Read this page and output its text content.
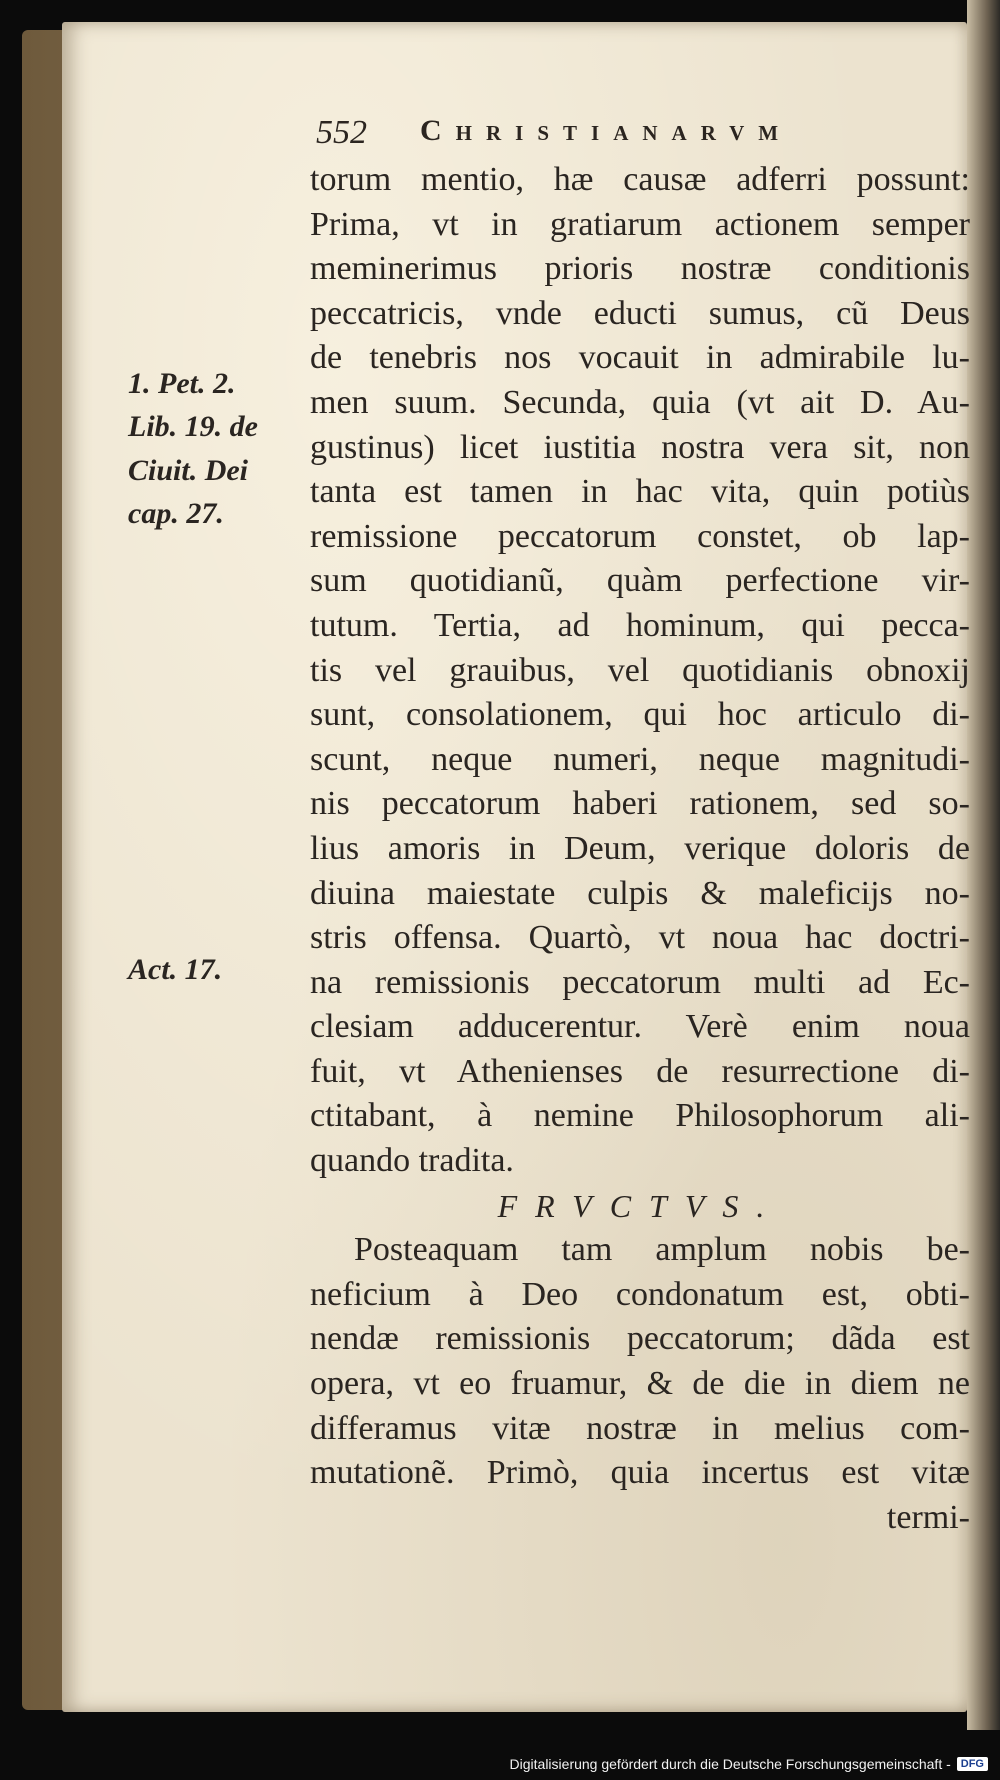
552 Christianarvm
1. Pet. 2.
Lib. 19. de
Ciuit. Dei
cap. 27.
Act. 17.
torum mentio, hæ causæ adferri possunt:
Prima, vt in gratiarum actionem semper
meminerimus prioris nostræ conditionis
peccatricis, vnde educti sumus, cũ Deus
de tenebris nos vocauit in admirabile lu-
men suum. Secunda, quia (vt ait D. Au-
gustinus) licet iustitia nostra vera sit, non
tanta est tamen in hac vita, quin potiùs
remissione peccatorum constet, ob lap-
sum quotidianũ, quàm perfectione vir-
tutum. Tertia, ad hominum, qui pecca-
tis vel grauibus, vel quotidianis obnoxij
sunt, consolationem, qui hoc articulo di-
scunt, neque numeri, neque magnitudi-
nis peccatorum haberi rationem, sed so-
lius amoris in Deum, verique doloris de
diuina maiestate culpis & maleficijs no-
stris offensa. Quartò, vt noua hac doctri-
na remissionis peccatorum multi ad Ec-
clesiam adducerentur. Verè enim noua
fuit, vt Athenienses de resurrectione di-
ctitabant, à nemine Philosophorum ali-
quando tradita.
FRVCTVS.
Posteaquam tam amplum nobis be-
neficium à Deo condonatum est, obti-
nendæ remissionis peccatorum; dãda est
opera, vt eo fruamur, & de die in diem ne
differamus vitæ nostræ in melius com-
mutationẽ. Primò, quia incertus est vitæ
termi-
Digitalisierung gefördert durch die Deutsche Forschungsgemeinschaft - DFG
